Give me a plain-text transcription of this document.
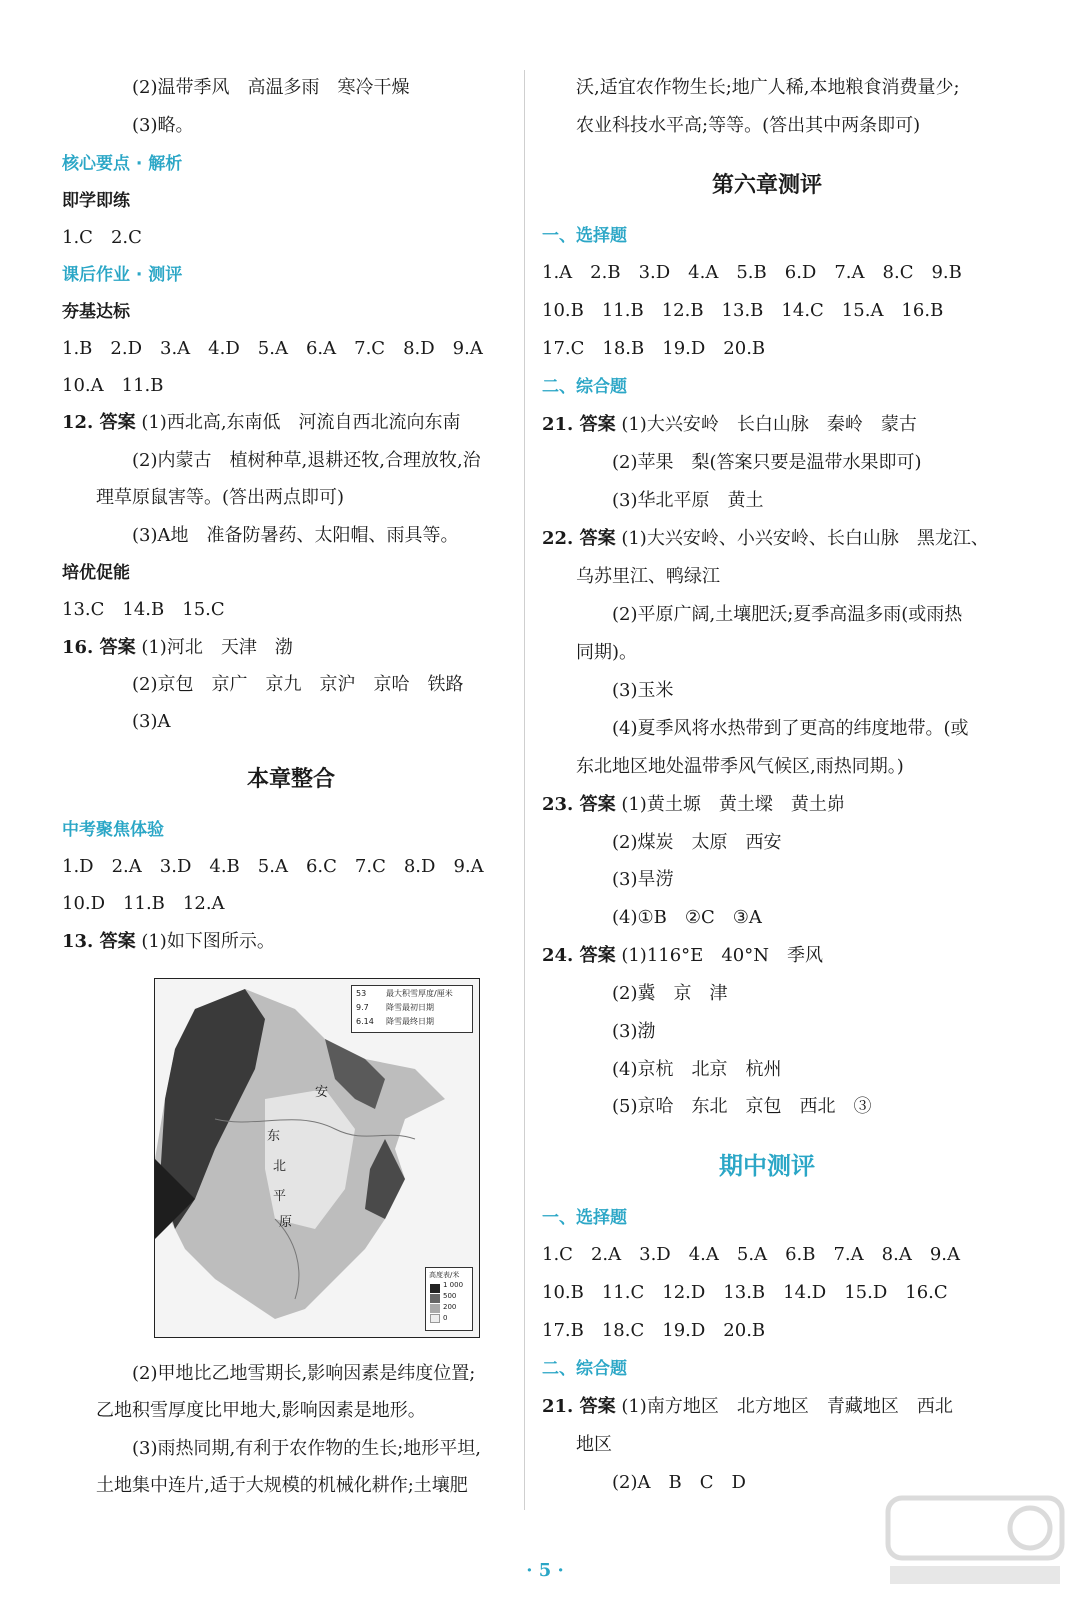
(2)温带季风　高温多雨　寒冷干燥
(3)略。
核心要点 · 解析
即学即练
1.C　2.C
课后作业 · 测评
夯基达标
1.B　2.D　3.A　4.D　5.A　6.A　7.C　8.D　9.A
10.A　11.B
12. 答案 (1)西北高,东南低　河流自西北流向东南
(2)内蒙古　植树种草,退耕还牧,合理放牧,治
理草原鼠害等。(答出两点即可)
(3)A地　准备防暑药、太阳帽、雨具等。
培优促能
13.C　14.B　15.C
16. 答案 (1)河北　天津　渤
(2)京包　京广　京九　京沪　京哈　铁路
(3)A
本章整合
中考聚焦体验
1.D　2.A　3.D　4.B　5.A　6.C　7.C　8.D　9.A
10.D　11.B　12.A
13. 答案 (1)如下图所示。
53 最大积雪厚度/厘米
9.7 降雪最初日期
6.14 降雪最终日期
高度表/米
1 000
500
200
0
安
东
北
平
原
(2)甲地比乙地雪期长,影响因素是纬度位置;
乙地积雪厚度比甲地大,影响因素是地形。
(3)雨热同期,有利于农作物的生长;地形平坦,
土地集中连片,适于大规模的机械化耕作;土壤肥
沃,适宜农作物生长;地广人稀,本地粮食消费量少;
农业科技水平高;等等。(答出其中两条即可)
第六章测评
一、选择题
1.A　2.B　3.D　4.A　5.B　6.D　7.A　8.C　9.B
10.B　11.B　12.B　13.B　14.C　15.A　16.B
17.C　18.B　19.D　20.B
二、综合题
21. 答案 (1)大兴安岭　长白山脉　秦岭　蒙古
(2)苹果　梨(答案只要是温带水果即可)
(3)华北平原　黄土
22. 答案 (1)大兴安岭、小兴安岭、长白山脉　黑龙江、
乌苏里江、鸭绿江
(2)平原广阔,土壤肥沃;夏季高温多雨(或雨热
同期)。
(3)玉米
(4)夏季风将水热带到了更高的纬度地带。(或
东北地区地处温带季风气候区,雨热同期。)
23. 答案 (1)黄土塬　黄土墚　黄土峁
(2)煤炭　太原　西安
(3)旱涝
(4)①B　②C　③A
24. 答案 (1)116°E　40°N　季风
(2)冀　京　津
(3)渤
(4)京杭　北京　杭州
(5)京哈　东北　京包　西北　③
期中测评
一、选择题
1.C　2.A　3.D　4.A　5.A　6.B　7.A　8.A　9.A
10.B　11.C　12.D　13.B　14.D　15.D　16.C
17.B　18.C　19.D　20.B
二、综合题
21. 答案 (1)南方地区　北方地区　青藏地区　西北
地区
(2)A　B　C　D
· 5 ·
